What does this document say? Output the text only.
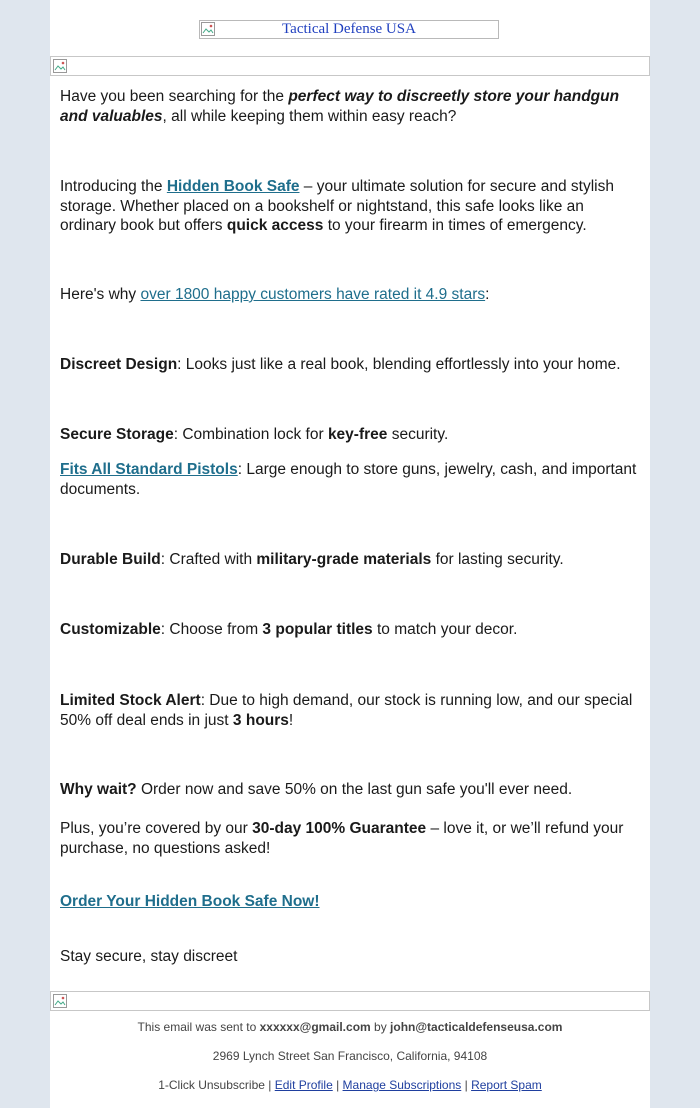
Tactical Defense USA
Have you been searching for the perfect way to discreetly store your handgun and valuables, all while keeping them within easy reach?
Introducing the Hidden Book Safe – your ultimate solution for secure and stylish storage. Whether placed on a bookshelf or nightstand, this safe looks like an ordinary book but offers quick access to your firearm in times of emergency.
Here's why over 1800 happy customers have rated it 4.9 stars:
Discreet Design: Looks just like a real book, blending effortlessly into your home.
Secure Storage: Combination lock for key-free security.
Fits All Standard Pistols: Large enough to store guns, jewelry, cash, and important documents.
Durable Build: Crafted with military-grade materials for lasting security.
Customizable: Choose from 3 popular titles to match your decor.
Limited Stock Alert: Due to high demand, our stock is running low, and our special 50% off deal ends in just 3 hours!
Why wait? Order now and save 50% on the last gun safe you'll ever need.
Plus, you’re covered by our 30-day 100% Guarantee – love it, or we’ll refund your purchase, no questions asked!
Order Your Hidden Book Safe Now!
Stay secure, stay discreet
This email was sent to xxxxxx@gmail.com by john@tacticaldefenseusa.com
2969 Lynch Street San Francisco, California, 94108
1-Click Unsubscribe | Edit Profile | Manage Subscriptions | Report Spam
